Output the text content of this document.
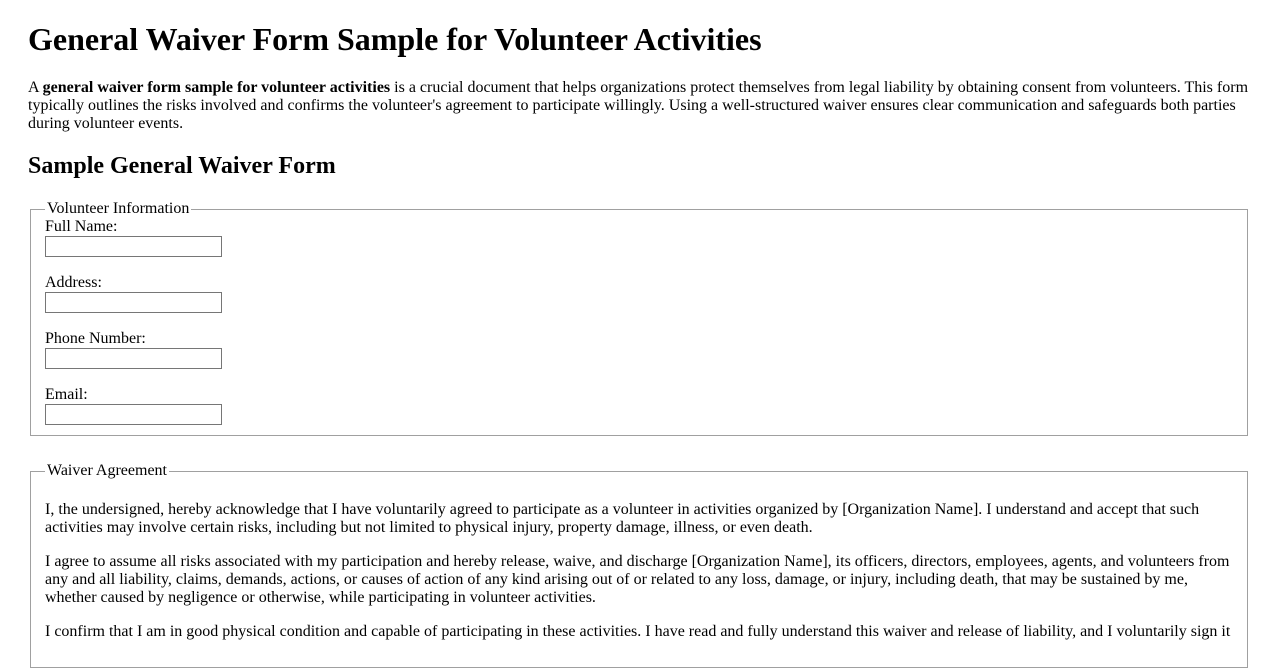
General Waiver Form Sample for Volunteer Activities

A general waiver form sample for volunteer activities is a crucial document that helps organizations protect themselves from legal liability by obtaining consent from volunteers. This form typically outlines the risks involved and confirms the volunteer's agreement to participate willingly. Using a well-structured waiver ensures clear communication and safeguards both parties during volunteer events.

Sample General Waiver Form
Volunteer Information
Full Name:
Address:
Phone Number:
Email:
Waiver Agreement

I, the undersigned, hereby acknowledge that I have voluntarily agreed to participate as a volunteer in activities organized by [Organization Name]. I understand and accept that such activities may involve certain risks, including but not limited to physical injury, property damage, illness, or even death.

I agree to assume all risks associated with my participation and hereby release, waive, and discharge [Organization Name], its officers, directors, employees, agents, and volunteers from any and all liability, claims, demands, actions, or causes of action of any kind arising out of or related to any loss, damage, or injury, including death, that may be sustained by me, whether caused by negligence or otherwise, while participating in volunteer activities.

I confirm that I am in good physical condition and capable of participating in these activities. I have read and fully understand this waiver and release of liability, and I voluntarily sign it
